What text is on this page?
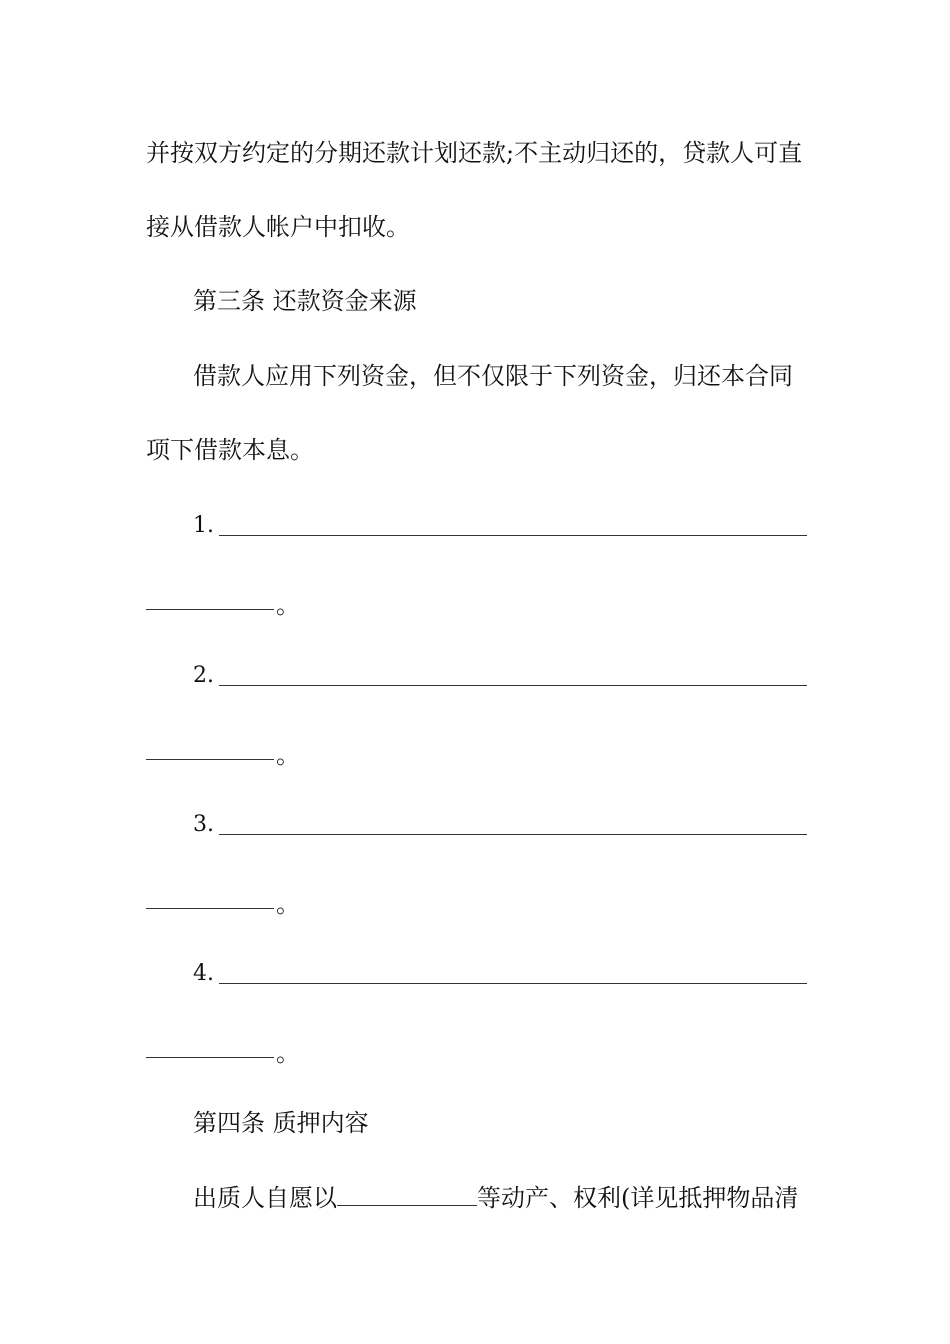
并按双方约定的分期还款计划还款;不主动归还的，贷款人可直
接从借款人帐户中扣收。
第三条 还款资金来源
借款人应用下列资金，但不仅限于下列资金，归还本合同
项下借款本息。
1.
。
2.
。
3.
。
4.
。
第四条 质押内容
出质人自愿以	等动产、权利(详见抵押物品清
